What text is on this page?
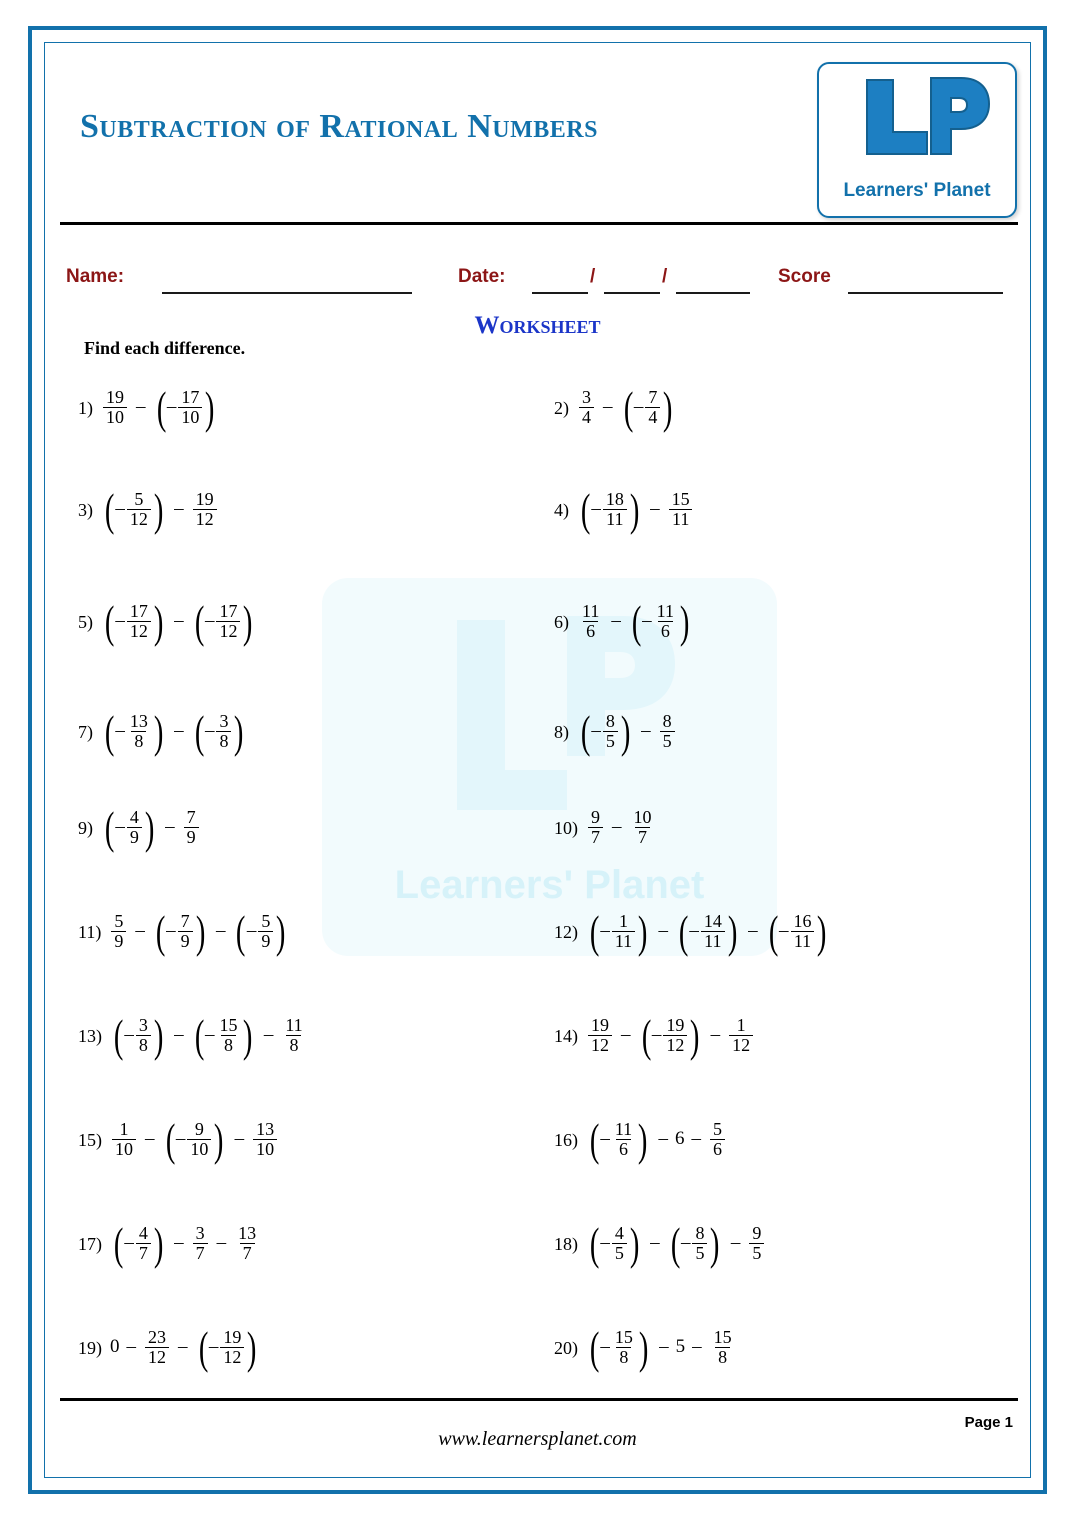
Subtraction of Rational Numbers
Learners' Planet
Name:	Date:	/	/	Score
Worksheet
Find each difference.
Learners' Planet
$1) \frac{19}{10}$ – ( – $\frac{17}{10}$ )	$2) \frac{3}{4}$ – ( – $\frac{7}{4}$ )
3) ( – $\frac{5}{12}$ ) – $\frac{19}{12}$	4) ( – $\frac{18}{11}$ ) – $\frac{15}{11}$
5) ( – $\frac{17}{12}$ ) – ( – $\frac{17}{12}$ )	$6) \frac{11}{6}$ – ( – $\frac{11}{6}$ )
7) ( – $\frac{13}{8}$ ) – ( – $\frac{3}{8}$ )	8) ( – $\frac{8}{5}$ ) – $\frac{8}{5}$
9) ( – $\frac{4}{9}$ ) – $\frac{7}{9}$	$10) \frac{9}{7} - \frac{10}{7}$
$11) \frac{5}{9}$ – ( – $\frac{7}{9}$ ) – ( – $\frac{5}{9}$ )	12) ( – $\frac{1}{11}$ ) – ( – $\frac{14}{11}$ ) – ( – $\frac{16}{11}$ )
13) ( – $\frac{3}{8}$ ) – ( – $\frac{15}{8}$ ) – $\frac{11}{8}$	$14) \frac{19}{12}$ – ( – $\frac{19}{12}$ ) – $\frac{1}{12}$
$15) \frac{1}{10}$ – ( – $\frac{9}{10}$ ) – $\frac{13}{10}$	16) ( – $\frac{11}{6}$ ) – $6 - \frac{5}{6}$
17) ( – $\frac{4}{7}$ ) – $\frac{3}{7} - \frac{13}{7}$	18) ( – $\frac{4}{5}$ ) – ( – $\frac{8}{5}$ ) – $\frac{9}{5}$
19) $0 - \frac{23}{12}$ – ( – $\frac{19}{12}$ )	20) ( – $\frac{15}{8}$ ) – $5 - \frac{15}{8}$
www.learnersplanet.com
Page 1
